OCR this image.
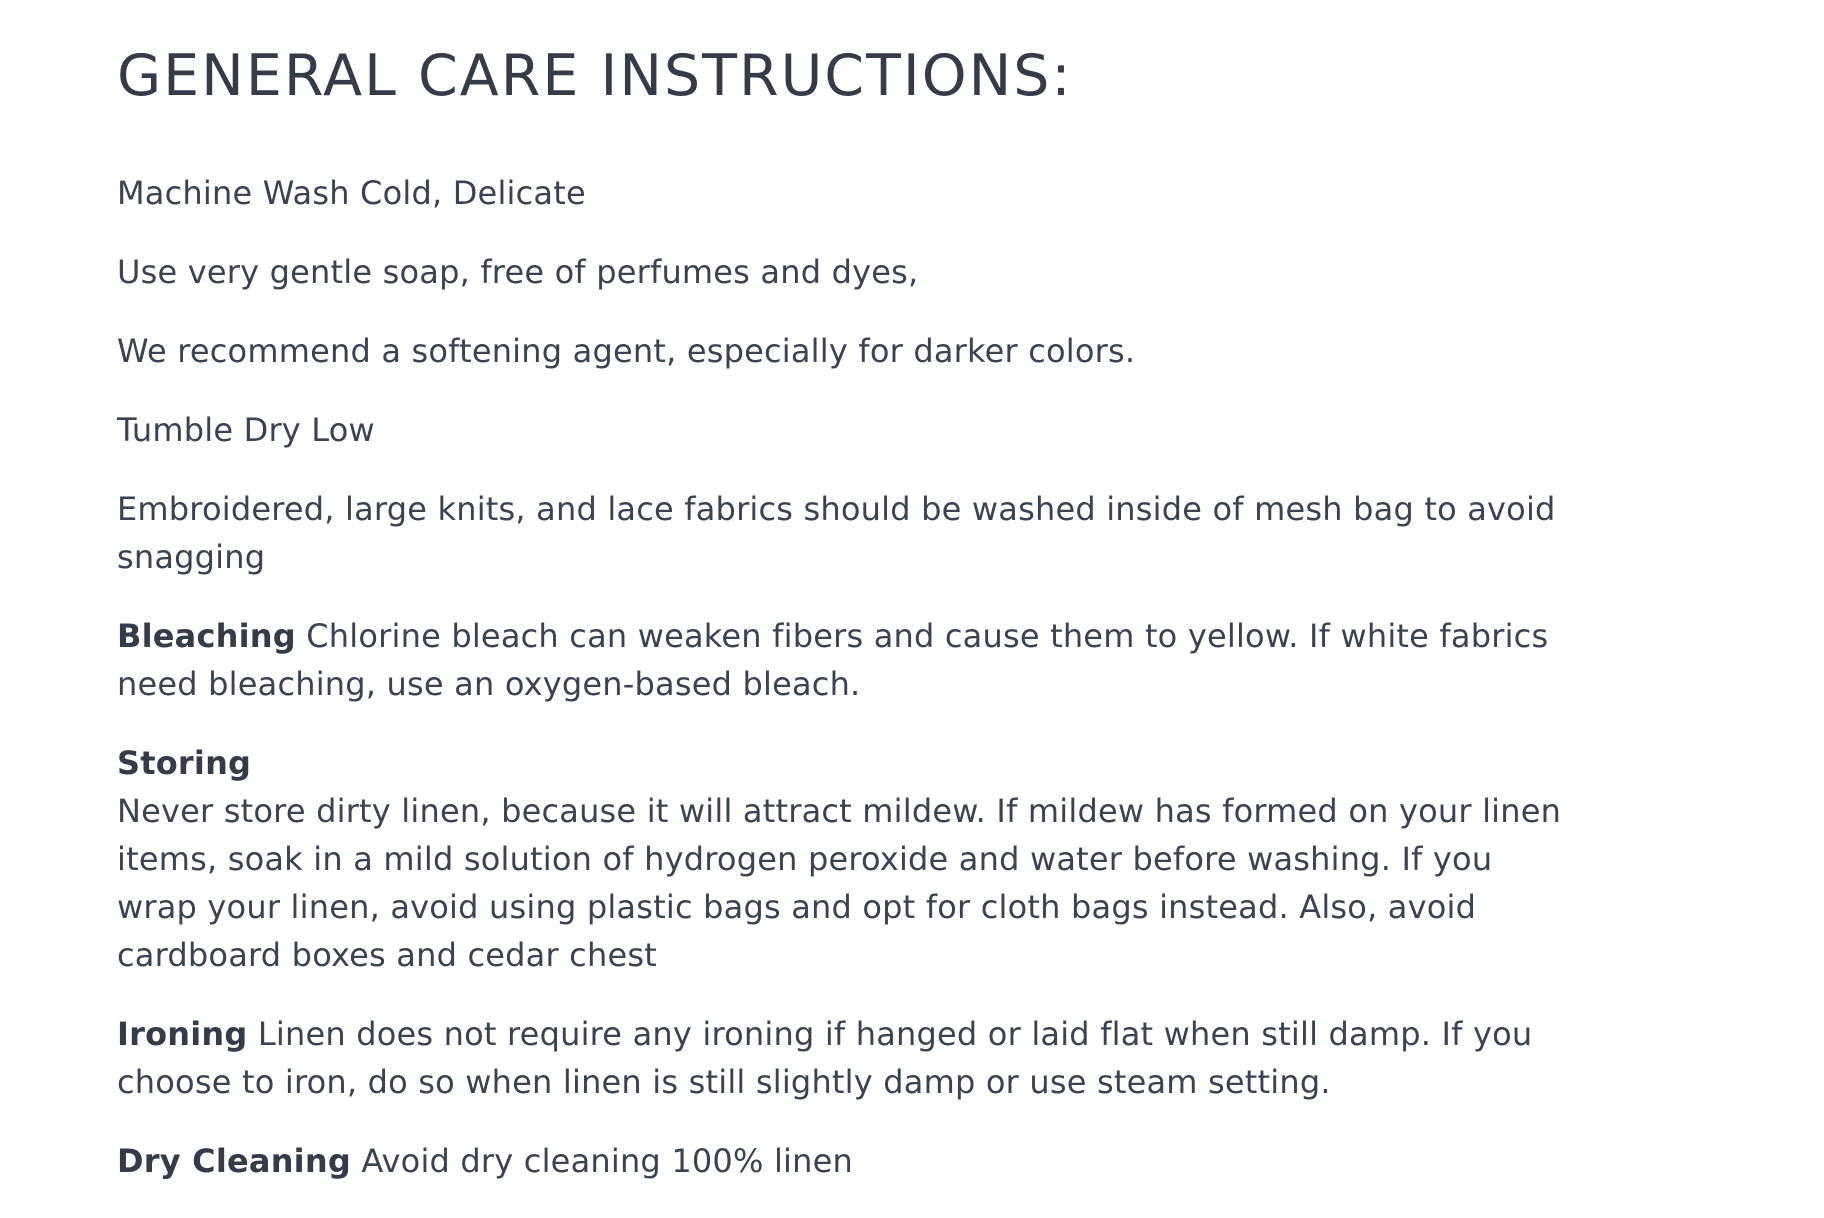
GENERAL CARE INSTRUCTIONS:

Machine Wash Cold, Delicate

Use very gentle soap, free of perfumes and dyes,

We recommend a softening agent, especially for darker colors.

Tumble Dry Low

Embroidered, large knits, and lace fabrics should be washed inside of mesh bag to avoid snagging

Bleaching Chlorine bleach can weaken fibers and cause them to yellow. If white fabrics need bleaching, use an oxygen-based bleach.

Storing
Never store dirty linen, because it will attract mildew. If mildew has formed on your linen items, soak in a mild solution of hydrogen peroxide and water before washing. If you wrap your linen, avoid using plastic bags and opt for cloth bags instead. Also, avoid cardboard boxes and cedar chest

Ironing Linen does not require any ironing if hanged or laid flat when still damp. If you choose to iron, do so when linen is still slightly damp or use steam setting.

Dry Cleaning Avoid dry cleaning 100% linen
